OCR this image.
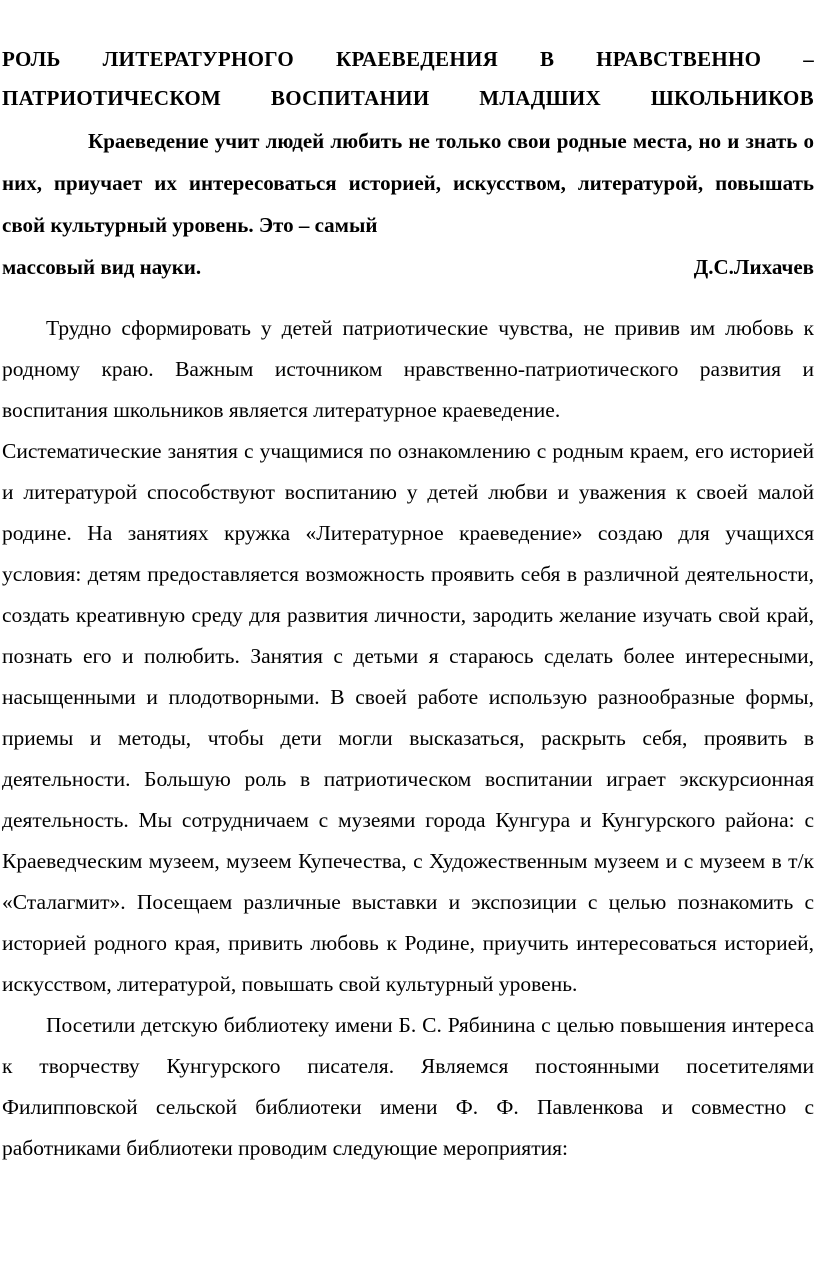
РОЛЬ ЛИТЕРАТУРНОГО КРАЕВЕДЕНИЯ В НРАВСТВЕННО –
ПАТРИОТИЧЕСКОМ ВОСПИТАНИИ МЛАДШИХ ШКОЛЬНИКОВ

Краеведение учит людей любить не только свои родные места, но и знать о них, приучает их интересоваться историей, искусством, литературой, повышать свой культурный уровень. Это – самый

массовый вид науки.	Д.С.Лихачев

Трудно сформировать у детей патриотические чувства, не привив им любовь к родному краю. Важным источником нравственно-патриотического развития и воспитания школьников является литературное краеведение.

Систематические занятия с учащимися по ознакомлению с родным краем, его историей и литературой способствуют воспитанию у детей любви и уважения к своей малой родине. На занятиях кружка «Литературное краеведение» создаю для учащихся условия: детям предоставляется возможность проявить себя в различной деятельности, создать креативную среду для развития личности, зародить желание изучать свой край, познать его и полюбить. Занятия с детьми я стараюсь сделать более интересными, насыщенными и плодотворными. В своей работе использую разнообразные формы, приемы и методы, чтобы дети могли высказаться, раскрыть себя, проявить в деятельности. Большую роль в патриотическом воспитании играет экскурсионная деятельность. Мы сотрудничаем с музеями города Кунгура и Кунгурского района: с Краеведческим музеем, музеем Купечества, с Художественным музеем и с музеем в т/к «Сталагмит». Посещаем различные выставки и экспозиции с целью познакомить с историей родного края, привить любовь к Родине, приучить интересоваться историей, искусством, литературой, повышать свой культурный уровень.

Посетили детскую библиотеку имени Б. С. Рябинина с целью повышения интереса к творчеству Кунгурского писателя. Являемся постоянными посетителями Филипповской сельской библиотеки имени Ф. Ф. Павленкова и совместно с работниками библиотеки проводим следующие мероприятия:
